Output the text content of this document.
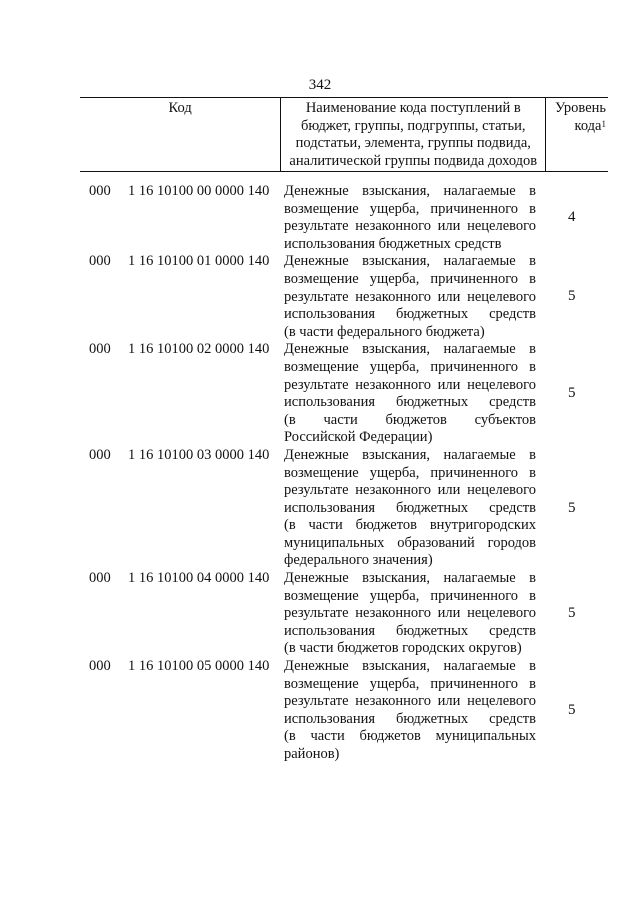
342
Код	Наименование кода поступлений в
бюджет, группы, подгруппы, статьи,
подстатьи, элемента, группы подвида,
аналитической группы подвида доходов

Уровень
кода$^1$
000 1 16 10100 00 0000 140 Денежные взыскания, налагаемые в
возмещение ущерба, причиненного в
результате незаконного или нецелевого
использования бюджетных средств
4
000 1 16 10100 01 0000 140 Денежные взыскания, налагаемые в
возмещение ущерба, причиненного в
результате незаконного или нецелевого
использования бюджетных средств
(в части федерального бюджета)
5
000 1 16 10100 02 0000 140 Денежные взыскания, налагаемые в
возмещение ущерба, причиненного в
результате незаконного или нецелевого
использования бюджетных средств
(в части бюджетов субъектов
Российской Федерации)
5
000 1 16 10100 03 0000 140 Денежные взыскания, налагаемые в
возмещение ущерба, причиненного в
результате незаконного или нецелевого
использования бюджетных средств
(в части бюджетов внутригородских
муниципальных образований городов
федерального значения)
5
000 1 16 10100 04 0000 140 Денежные взыскания, налагаемые в
возмещение ущерба, причиненного в
результате незаконного или нецелевого
использования бюджетных средств
(в части бюджетов городских округов)
5
000 1 16 10100 05 0000 140 Денежные взыскания, налагаемые в
возмещение ущерба, причиненного в
результате незаконного или нецелевого
использования бюджетных средств
(в части бюджетов муниципальных
районов)
5
